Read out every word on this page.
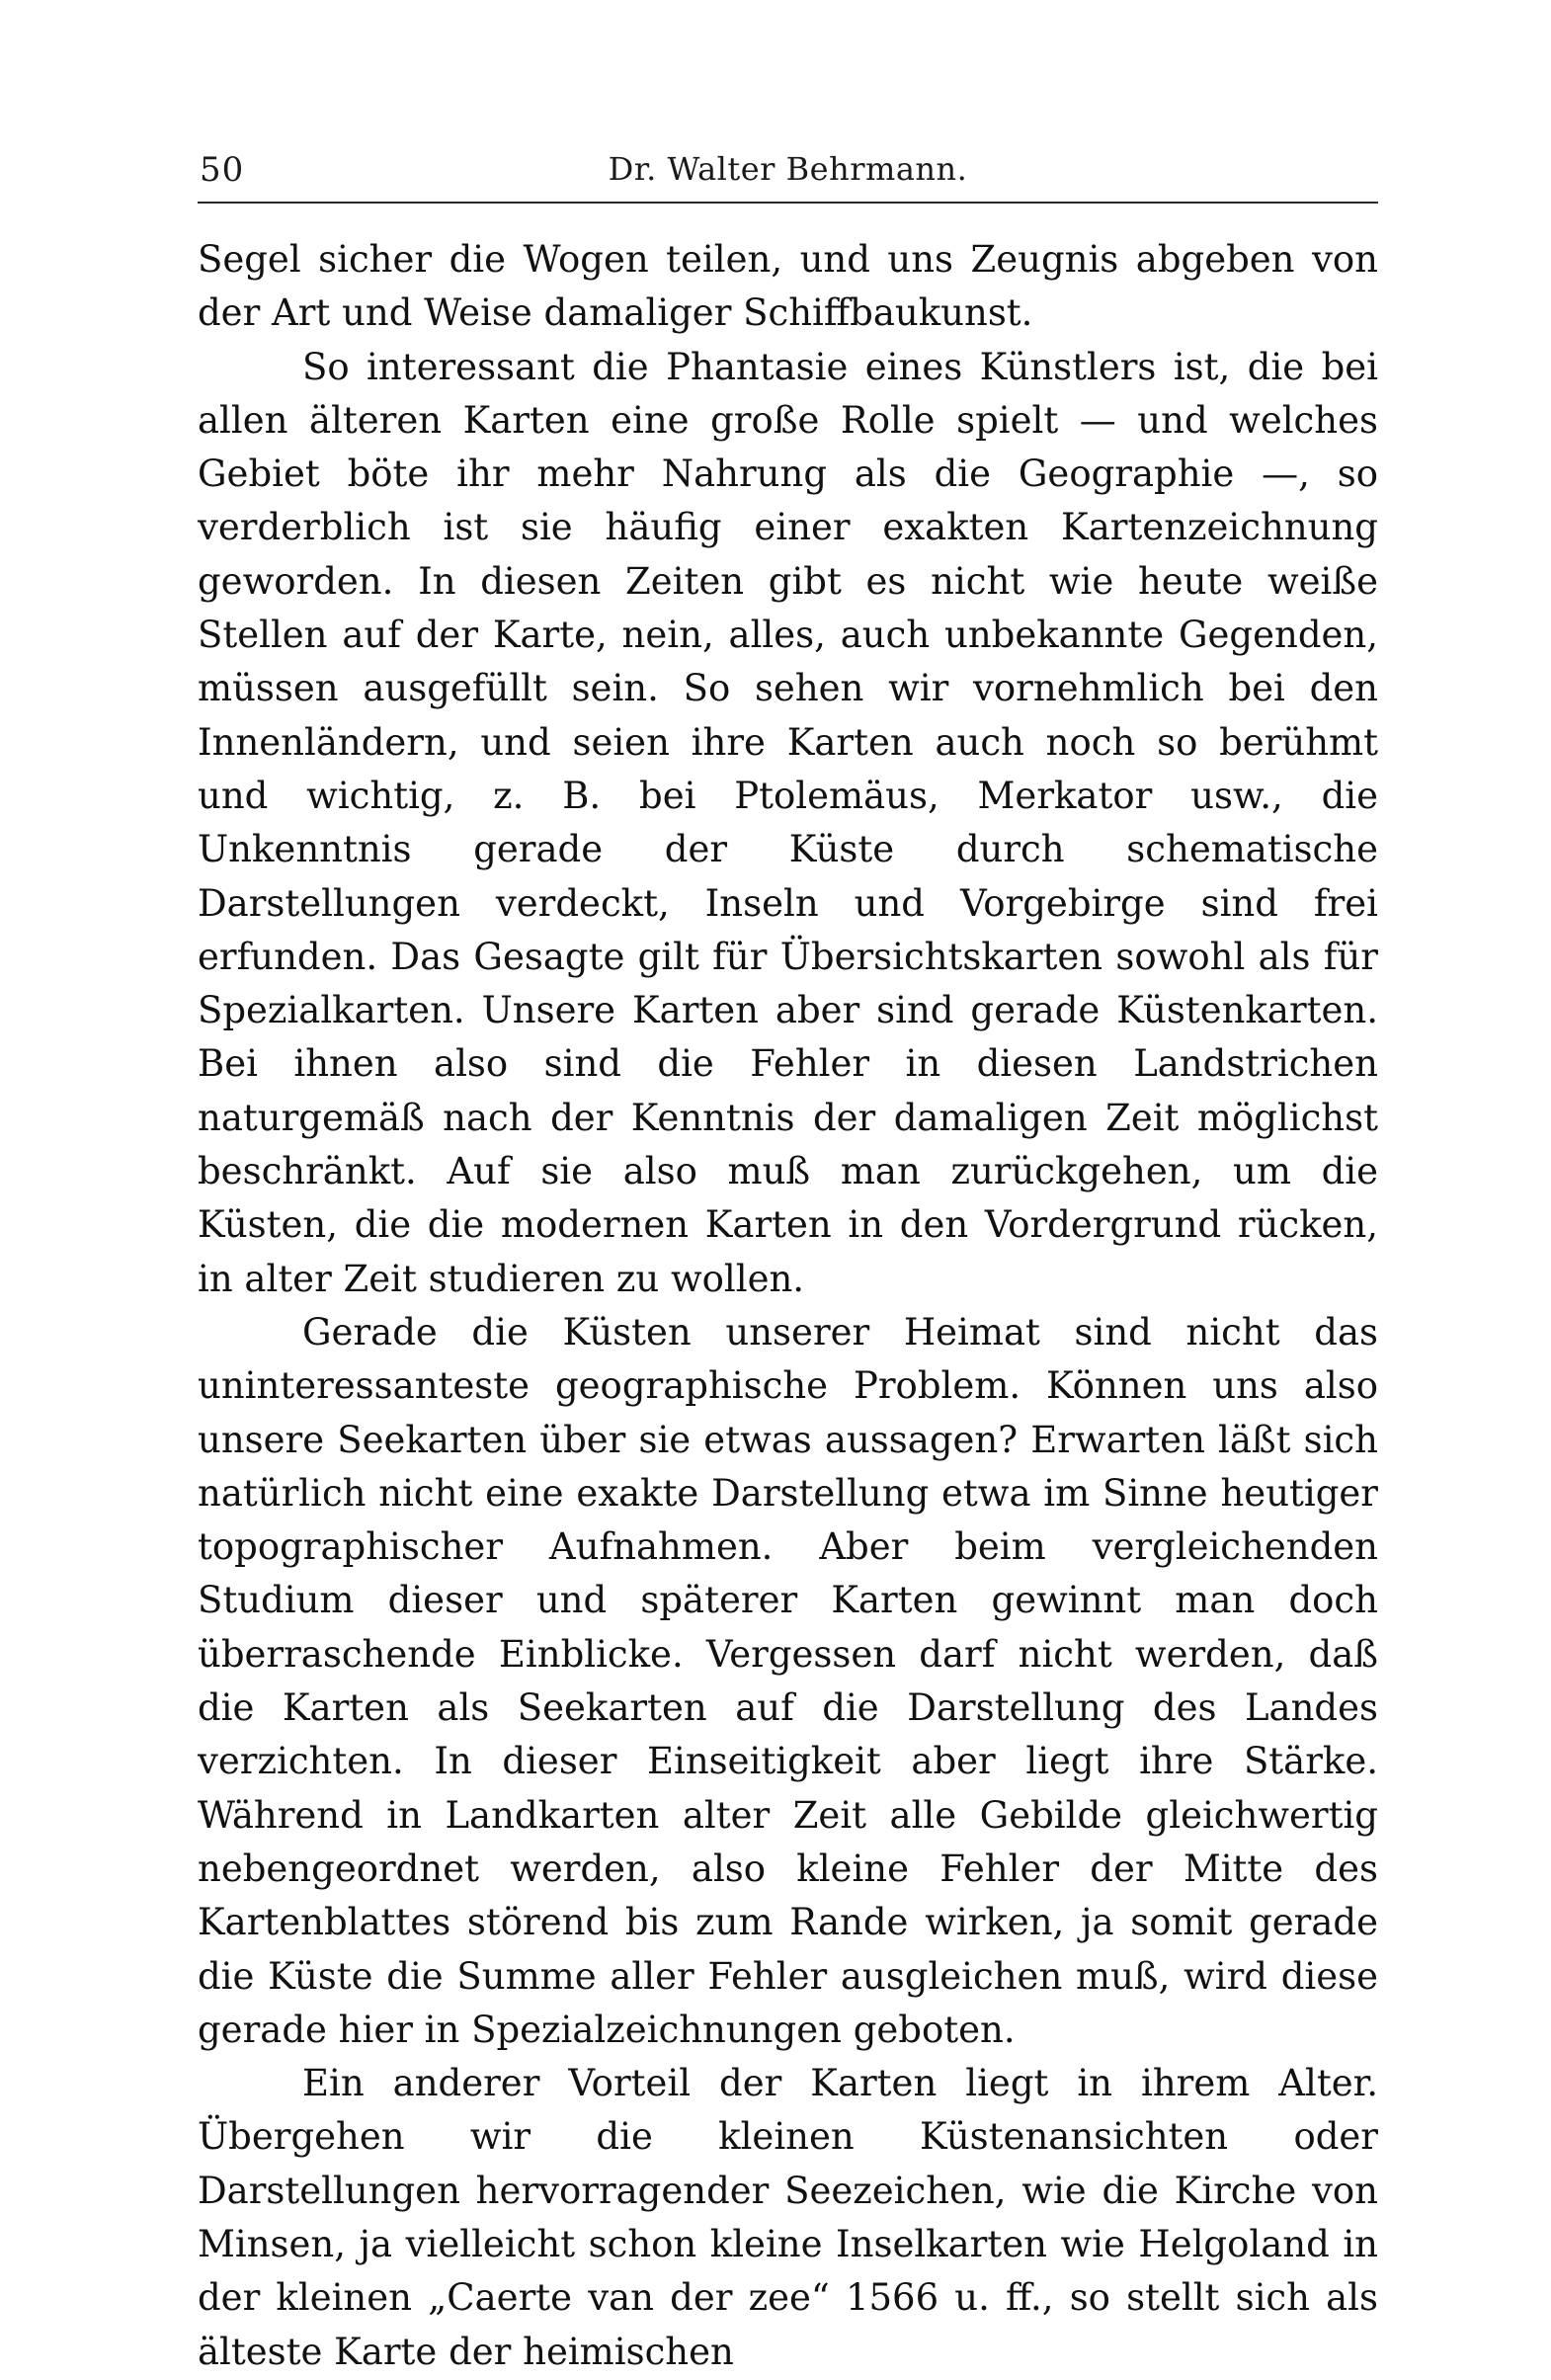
50	Dr. Walter Behrmann.

Segel sicher die Wogen teilen, und uns Zeugnis abgeben von der Art und Weise damaliger Schiffbaukunst.

So interessant die Phantasie eines Künstlers ist, die bei allen älteren Karten eine große Rolle spielt — und welches Gebiet böte ihr mehr Nahrung als die Geographie —, so verderblich ist sie häufig einer exakten Kartenzeichnung geworden. In diesen Zeiten gibt es nicht wie heute weiße Stellen auf der Karte, nein, alles, auch unbekannte Gegenden, müssen ausgefüllt sein. So sehen wir vornehmlich bei den Innenländern, und seien ihre Karten auch noch so berühmt und wichtig, z. B. bei Ptolemäus, Merkator usw., die Unkenntnis gerade der Küste durch schematische Darstellungen verdeckt, Inseln und Vorgebirge sind frei erfunden. Das Gesagte gilt für Übersichtskarten sowohl als für Spezialkarten. Unsere Karten aber sind gerade Küstenkarten. Bei ihnen also sind die Fehler in diesen Landstrichen naturgemäß nach der Kenntnis der damaligen Zeit möglichst beschränkt. Auf sie also muß man zurückgehen, um die Küsten, die die modernen Karten in den Vordergrund rücken, in alter Zeit studieren zu wollen.

Gerade die Küsten unserer Heimat sind nicht das uninteressanteste geographische Problem. Können uns also unsere Seekarten über sie etwas aussagen? Erwarten läßt sich natürlich nicht eine exakte Darstellung etwa im Sinne heutiger topographischer Aufnahmen. Aber beim vergleichenden Studium dieser und späterer Karten gewinnt man doch überraschende Einblicke. Vergessen darf nicht werden, daß die Karten als Seekarten auf die Darstellung des Landes verzichten. In dieser Einseitigkeit aber liegt ihre Stärke. Während in Landkarten alter Zeit alle Gebilde gleichwertig nebengeordnet werden, also kleine Fehler der Mitte des Kartenblattes störend bis zum Rande wirken, ja somit gerade die Küste die Summe aller Fehler ausgleichen muß, wird diese gerade hier in Spezialzeichnungen geboten.

Ein anderer Vorteil der Karten liegt in ihrem Alter. Übergehen wir die kleinen Küstenansichten oder Darstellungen hervorragender Seezeichen, wie die Kirche von Minsen, ja vielleicht schon kleine Inselkarten wie Helgoland in der kleinen „Caerte van der zee“ 1566 u. ff., so stellt sich als älteste Karte der heimischen
